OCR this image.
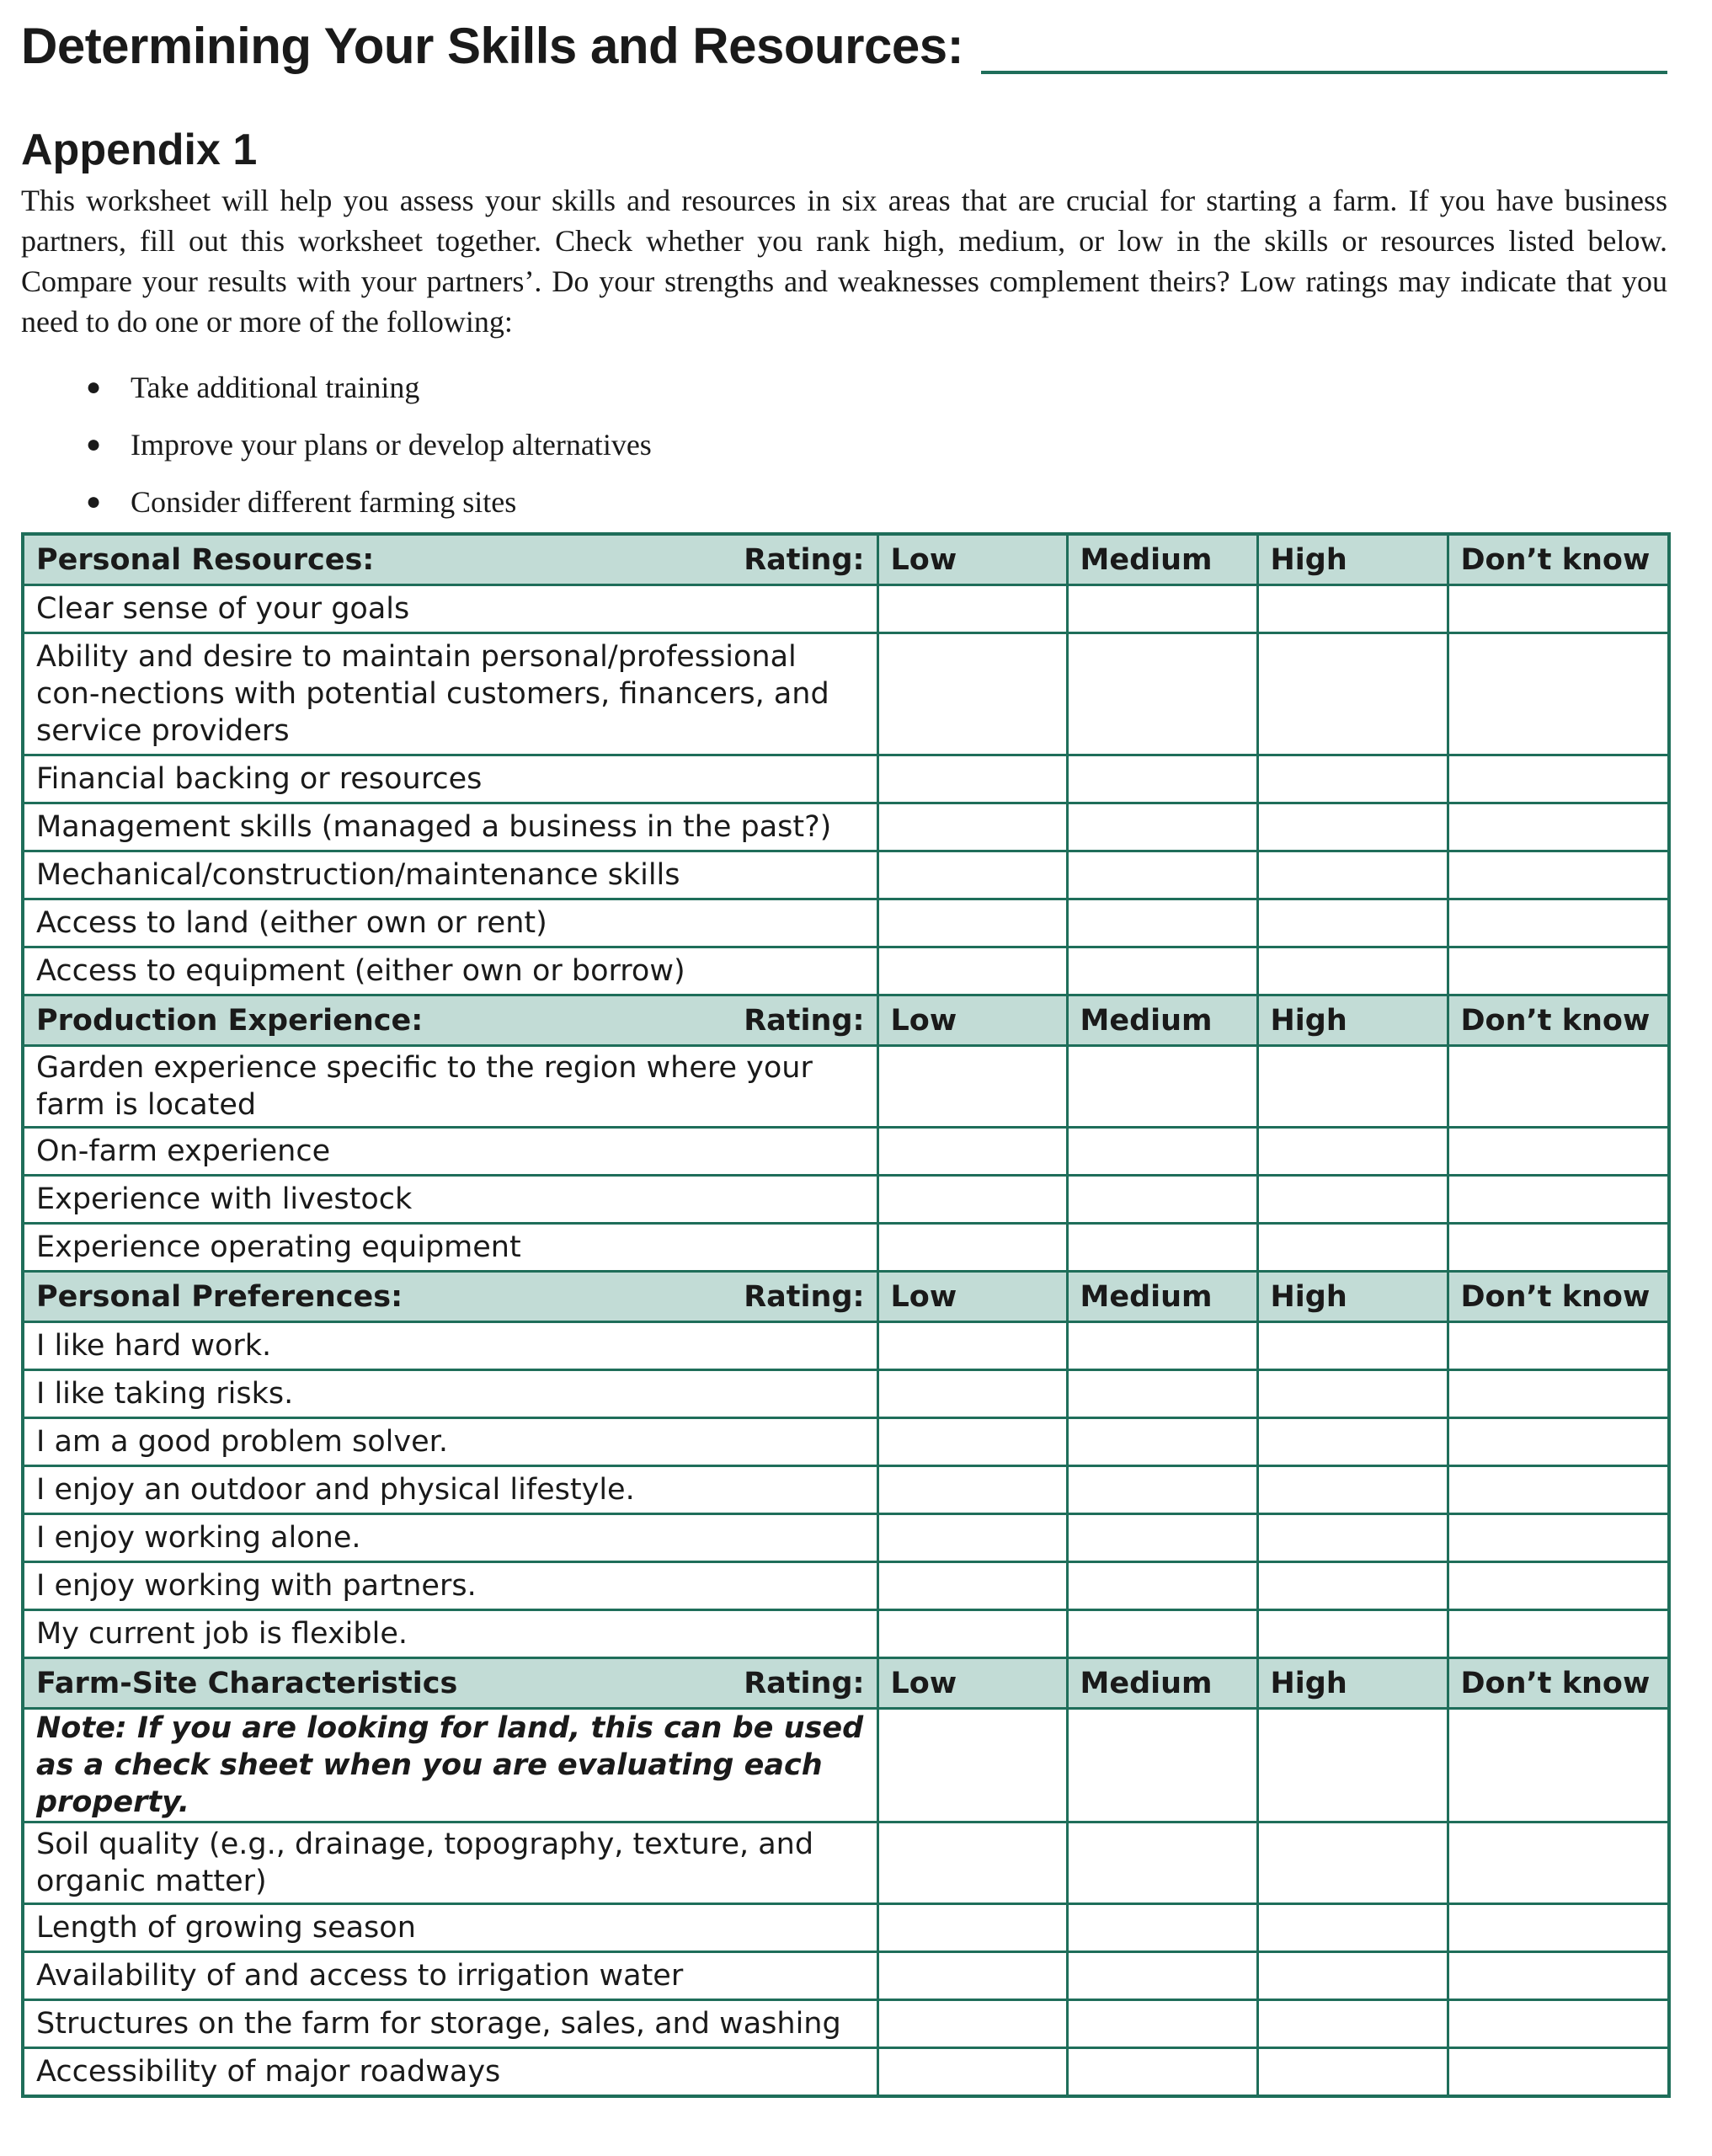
Determining Your Skills and Resources:
Appendix 1

This worksheet will help you assess your skills and resources in six areas that are crucial for starting a farm. If you have business partners, fill out this worksheet together. Check whether you rank high, medium, or low in the skills or resources listed below. Compare your results with your partners’. Do your strengths and weaknesses complement theirs? Low ratings may indicate that you need to do one or more of the following:

● Take additional training
● Improve your plans or develop alternatives
● Consider different farming sites
Personal Resources: Rating:	Low	Medium	High	Don’t know
Clear sense of your goals				
Ability and desire to maintain personal/professional con-nections with potential customers, financers, and service providers				
Financial backing or resources				
Management skills (managed a business in the past?)				
Mechanical/construction/maintenance skills				
Access to land (either own or rent)				
Access to equipment (either own or borrow)				

Production Experience: Rating:	Low	Medium	High	Don’t know
Garden experience specific to the region where your farm is located				
On-farm experience				
Experience with livestock				
Experience operating equipment				

Personal Preferences: Rating:	Low	Medium	High	Don’t know
I like hard work.				
I like taking risks.				
I am a good problem solver.				
I enjoy an outdoor and physical lifestyle.				
I enjoy working alone.				
I enjoy working with partners.				
My current job is flexible.				

Farm-Site Characteristics Rating:	Low	Medium	High	Don’t know
Note: If you are looking for land, this can be used as a check sheet when you are evaluating each property.				
Soil quality (e.g., drainage, topography, texture, and organic matter)				
Length of growing season				
Availability of and access to irrigation water				
Structures on the farm for storage, sales, and washing				
Accessibility of major roadways				
